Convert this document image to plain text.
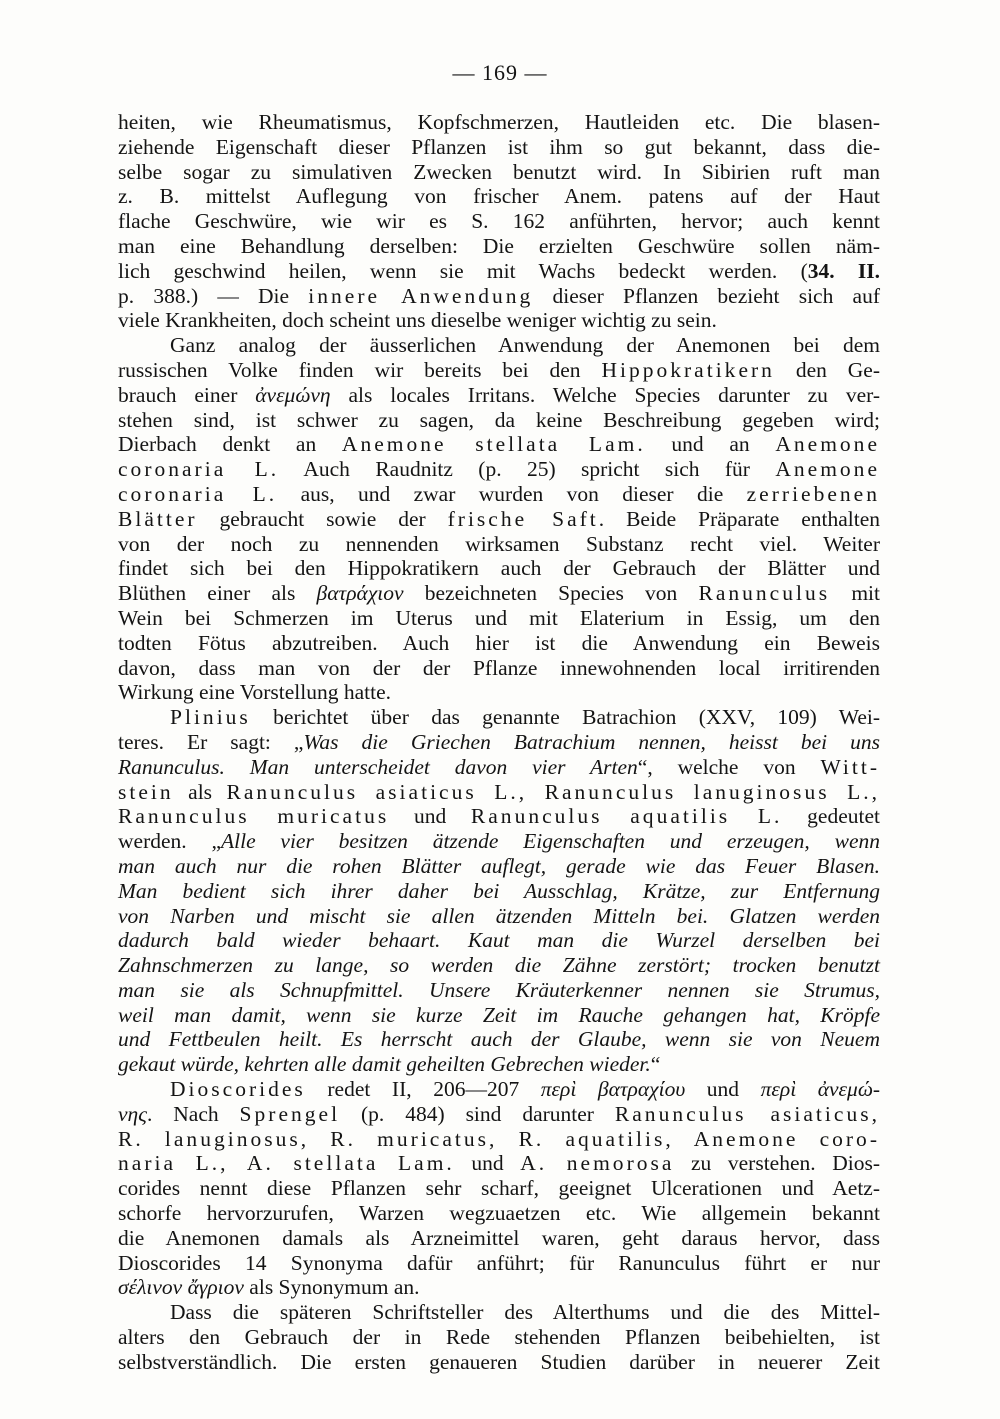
— 169 —
heiten, wie Rheumatismus, Kopfschmerzen, Hautleiden etc. Die blasen-
ziehende Eigenschaft dieser Pflanzen ist ihm so gut bekannt, dass die-
selbe sogar zu simulativen Zwecken benutzt wird. In Sibirien ruft man
z. B. mittelst Auflegung von frischer Anem. patens auf der Haut
flache Geschwüre, wie wir es S. 162 anführten, hervor; auch kennt
man eine Behandlung derselben: Die erzielten Geschwüre sollen näm-
lich geschwind heilen, wenn sie mit Wachs bedeckt werden. (34. II.
p. 388.) — Die innere Anwendung dieser Pflanzen bezieht sich auf
viele Krankheiten, doch scheint uns dieselbe weniger wichtig zu sein.
Ganz analog der äusserlichen Anwendung der Anemonen bei dem
russischen Volke finden wir bereits bei den Hippokratikern den Ge-
brauch einer ἀνεμώνη als locales Irritans. Welche Species darunter zu ver-
stehen sind, ist schwer zu sagen, da keine Beschreibung gegeben wird;
Dierbach denkt an Anemone stellata Lam. und an Anemone
coronaria L. Auch Raudnitz (p. 25) spricht sich für Anemone
coronaria L. aus, und zwar wurden von dieser die zerriebenen
Blätter gebraucht sowie der frische Saft. Beide Präparate enthalten
von der noch zu nennenden wirksamen Substanz recht viel. Weiter
findet sich bei den Hippokratikern auch der Gebrauch der Blätter und
Blüthen einer als βατράχιον bezeichneten Species von Ranunculus mit
Wein bei Schmerzen im Uterus und mit Elaterium in Essig, um den
todten Fötus abzutreiben. Auch hier ist die Anwendung ein Beweis
davon, dass man von der der Pflanze innewohnenden local irritirenden
Wirkung eine Vorstellung hatte.
Plinius berichtet über das genannte Batrachion (XXV, 109) Wei-
teres. Er sagt: „Was die Griechen Batrachium nennen, heisst bei uns
Ranunculus. Man unterscheidet davon vier Arten“, welche von Witt-
stein als Ranunculus asiaticus L., Ranunculus lanuginosus L.,
Ranunculus muricatus und Ranunculus aquatilis L. gedeutet
werden. „Alle vier besitzen ätzende Eigenschaften und erzeugen, wenn
man auch nur die rohen Blätter auflegt, gerade wie das Feuer Blasen.
Man bedient sich ihrer daher bei Ausschlag, Krätze, zur Entfernung
von Narben und mischt sie allen ätzenden Mitteln bei. Glatzen werden
dadurch bald wieder behaart. Kaut man die Wurzel derselben bei
Zahnschmerzen zu lange, so werden die Zähne zerstört; trocken benutzt
man sie als Schnupfmittel. Unsere Kräuterkenner nennen sie Strumus,
weil man damit, wenn sie kurze Zeit im Rauche gehangen hat, Kröpfe
und Fettbeulen heilt. Es herrscht auch der Glaube, wenn sie von Neuem
gekaut würde, kehrten alle damit geheilten Gebrechen wieder.“
Dioscorides redet II, 206—207 περὶ βατραχίου und περὶ ἀνεμώ-
νης. Nach Sprengel (p. 484) sind darunter Ranunculus asiaticus,
R. lanuginosus, R. muricatus, R. aquatilis, Anemone coro-
naria L., A. stellata Lam. und A. nemorosa zu verstehen. Dios-
corides nennt diese Pflanzen sehr scharf, geeignet Ulcerationen und Aetz-
schorfe hervorzurufen, Warzen wegzuaetzen etc. Wie allgemein bekannt
die Anemonen damals als Arzneimittel waren, geht daraus hervor, dass
Dioscorides 14 Synonyma dafür anführt; für Ranunculus führt er nur
σέλινον ἄγριον als Synonymum an.
Dass die späteren Schriftsteller des Alterthums und die des Mittel-
alters den Gebrauch der in Rede stehenden Pflanzen beibehielten, ist
selbstverständlich. Die ersten genaueren Studien darüber in neuerer Zeit
